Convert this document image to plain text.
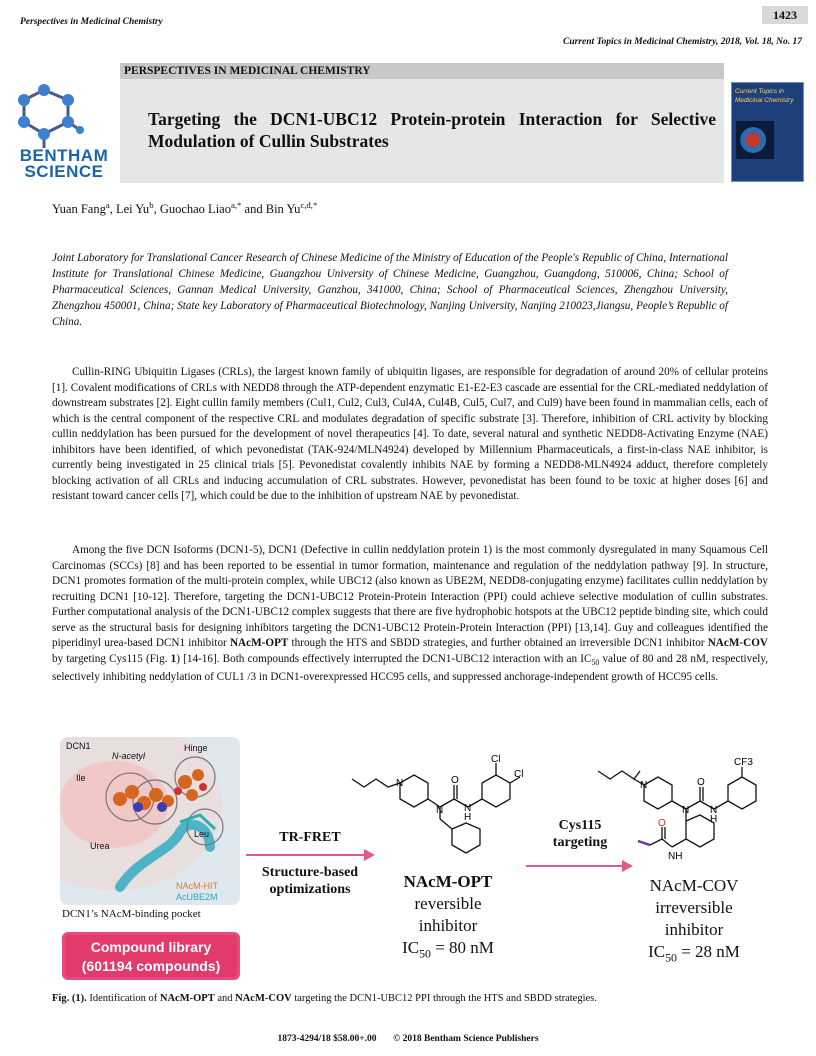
1423
Perspectives in Medicinal Chemistry
Current Topics in Medicinal Chemistry, 2018, Vol. 18, No. 17
BENTHAM SCIENCE
PERSPECTIVES IN MEDICINAL CHEMISTRY
Targeting the DCN1-UBC12 Protein-protein Interaction for Selective Modulation of Cullin Substrates
Current Topics in Medicinal Chemistry
Yuan Fang$^a$, Lei Yu$^b$, Guochao Liao$^{a,*}$ and Bin $Yu^{c,d,*}$
Joint Laboratory for Translational Cancer Research of Chinese Medicine of the Ministry of Education of the People's Republic of China, International Institute for Translational Chinese Medicine, Guangzhou University of Chinese Medicine, Guangzhou, Guangdong, 510006, China; School of Pharmaceutical Sciences, Gannan Medical University, Ganzhou, 341000, China; School of Pharmaceutical Sciences, Zhengzhou University, Zhengzhou 450001, China; State key Laboratory of Pharmaceutical Biotechnology, Nanjing University, Nanjing 210023,Jiangsu, People’s Republic of China.

Cullin-RING Ubiquitin Ligases (CRLs), the largest known family of ubiquitin ligases, are responsible for degradation of around 20% of cellular proteins [1]. Covalent modifications of CRLs with NEDD8 through the ATP-dependent enzymatic E1-E2-E3 cascade are essential for the CRL-mediated neddylation of downstream substrates [2]. Eight cullin family members (Cul1, Cul2, Cul3, Cul4A, Cul4B, Cul5, Cul7, and Cul9) have been found in mammalian cells, each of which is the central component of the respective CRL and modulates degradation of specific substrate [3]. Therefore, inhibition of CRL activity by blocking cullin neddylation has been pursued for the development of novel therapeutics [4]. To date, several natural and synthetic NEDD8-Activating Enzyme (NAE) inhibitors have been identified, of which pevonedistat (TAK-924/MLN4924) developed by Millennium Pharmaceuticals, a first-in-class NAE inhibitor, is currently being investigated in 25 clinical trials [5]. Pevonedistat covalently inhibits NAE by forming a NEDD8-MLN4924 adduct, therefore completely blocking activation of all CRLs and inducing accumulation of CRL substrates. However, pevonedistat has been found to be toxic at higher doses [6] and resistant toward cancer cells [7], which could be due to the inhibition of upstream NAE by pevonedistat.

Among the five DCN Isoforms (DCN1-5), DCN1 (Defective in cullin neddylation protein 1) is the most commonly dysregulated in many Squamous Cell Carcinomas (SCCs) [8] and has been reported to be essential in tumor formation, maintenance and regulation of the neddylation pathway [9]. In structure, DCN1 promotes formation of the multi-protein complex, while UBC12 (also known as UBE2M, NEDD8-conjugating enzyme) facilitates cullin neddylation by recruiting DCN1 [10-12]. Therefore, targeting the DCN1-UBC12 Protein-Protein Interaction (PPI) could achieve selective modulation of cullin substrates. Further computational analysis of the DCN1-UBC12 complex suggests that there are five hydrophobic hotspots at the UBC12 peptide binding site, which could serve as the structural basis for designing inhibitors targeting the DCN1-UBC12 Protein-Protein Interaction (PPI) [13,14]. Guy and colleagues identified the piperidinyl urea-based DCN1 inhibitor NAcM-OPT through the HTS and SBDD strategies, and further obtained an irreversible DCN1 inhibitor NAcM-COV by targeting Cys115 (Fig. 1) [14-16]. Both compounds effectively interrupted the DCN1-UBC12 interaction with an $IC_{50}$ value of 80 and 28 nM, respectively, selectively inhibiting neddylation of CUL1 /3 in DCN1-overexpressed HCC95 cells, and suppressed anchorage-independent growth of HCC95 cells.

DCN1
N-acetyl
Hinge
Ile
Leu
Urea
NAcM-HIT
AcUBE2M
DCN1’s NAcM-binding pocket
Compound library
(601194 compounds)
TR-FRET
Structure-based optimizations
Cys115
targeting
N
N
O
N
H
Cl
Cl
NAcM-OPT
reversible
inhibitor
$IC_{50} = 80$ nM
N
N
O
N
H
CF3
O
NH
NAcM-COV
irreversible
inhibitor
$IC_{50} = 28$ nM
Fig. (1). Identification of NAcM-OPT and NAcM-COV targeting the DCN1-UBC12 PPI through the HTS and SBDD strategies.
1873-4294/18 $58.00+.00 © 2018 Bentham Science Publishers
